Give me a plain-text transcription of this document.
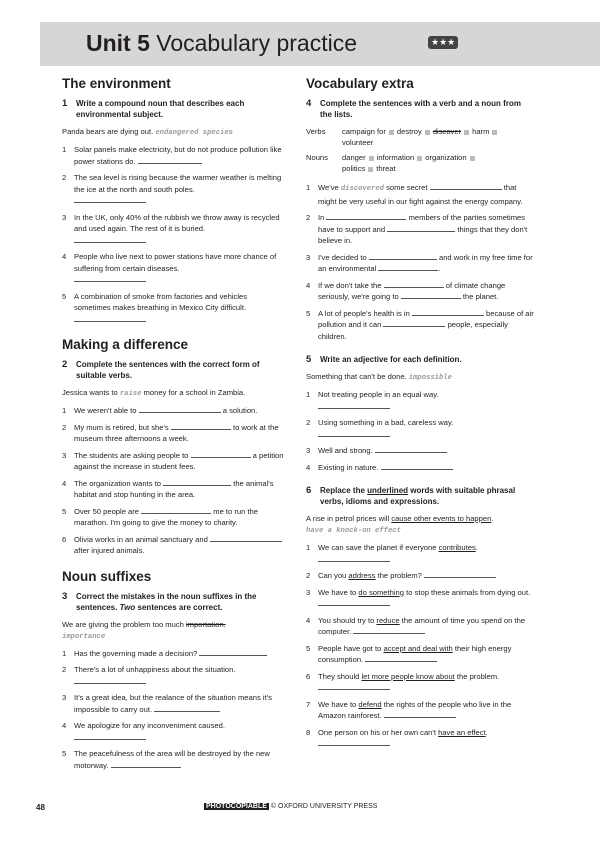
Unit 5 Vocabulary practice	★ ★ ★
The environment
1	Write a compound noun that describes each environmental subject.
Panda bears are dying out. endangered species
1	Solar panels make electricity, but do not produce pollution like power stations do.
2	The sea level is rising because the warmer weather is melting the ice at the north and south poles.

3	In the UK, only 40% of the rubbish we throw away is recycled and used again. The rest of it is buried.

4	People who live next to power stations have more chance of suffering from certain diseases.

5	A combination of smoke from factories and vehicles sometimes makes breathing in Mexico City difficult.

Making a difference
2	Complete the sentences with the correct form of suitable verbs.
Jessica wants to raise money for a school in Zambia.
1	We weren't able to	a solution.
2	My mum is retired, but she's	to work at the museum three afternoons a week.
3	The students are asking people to	a petition against the increase in student fees.
4	The organization wants to	the animal's habitat and stop hunting in the area.
5	Over 50 people are	me to run the marathon. I'm going to give the money to charity.
6	Olivia works in an animal sanctuary and  after injured animals.
Noun suffixes
3	Correct the mistakes in the noun suffixes in the sentences. Two sentences are correct.
We are giving the problem too much importation.
importance
1	Has the governing made a decision?
2	There's a lot of unhappiness about the situation.

3	It's a great idea, but the realance of the situation means it's impossible to carry out.
4	We apologize for any inconveniment caused.

5	The peacefulness of the area will be destroyed by the new motorway.
Vocabulary extra
4	Complete the sentences with a verb and a noun from the lists.
Verbs	campaign for destroy discover harm
volunteer
Nouns	danger information organization
politics threat
1	We've discovered some secret	that might be very useful in our fight against the energy company.
2	In	members of the parties sometimes have to support and	things that they don't believe in.
3	I've decided to	and work in my free time for an environmental	.
4	If we don't take the	of climate change seriously, we're going to	the planet.
5	A lot of people's health is in	because of air pollution and it can	people, especially children.
5	Write an adjective for each definition.
Something that can't be done. impossible
1	Not treating people in an equal way.

2	Using something in a bad, careless way.

3	Well and strong.
4	Existing in nature.
6	Replace the underlined words with suitable phrasal verbs, idioms and expressions.
A rise in petrol prices will cause other events to happen.
have a knock-on effect
1	We can save the planet if everyone contributes.

2	Can you address the problem?
3	We have to do something to stop these animals from dying out.
4	You should try to reduce the amount of time you spend on the computer.
5	People have got to accept and deal with their high energy consumption.
6	They should let more people know about the problem.

7	We have to defend the rights of the people who live in the Amazon rainforest.
8	One person on his or her own can't have an effect.

48	PHOTOCOPIABLE © OXFORD UNIVERSITY PRESS
